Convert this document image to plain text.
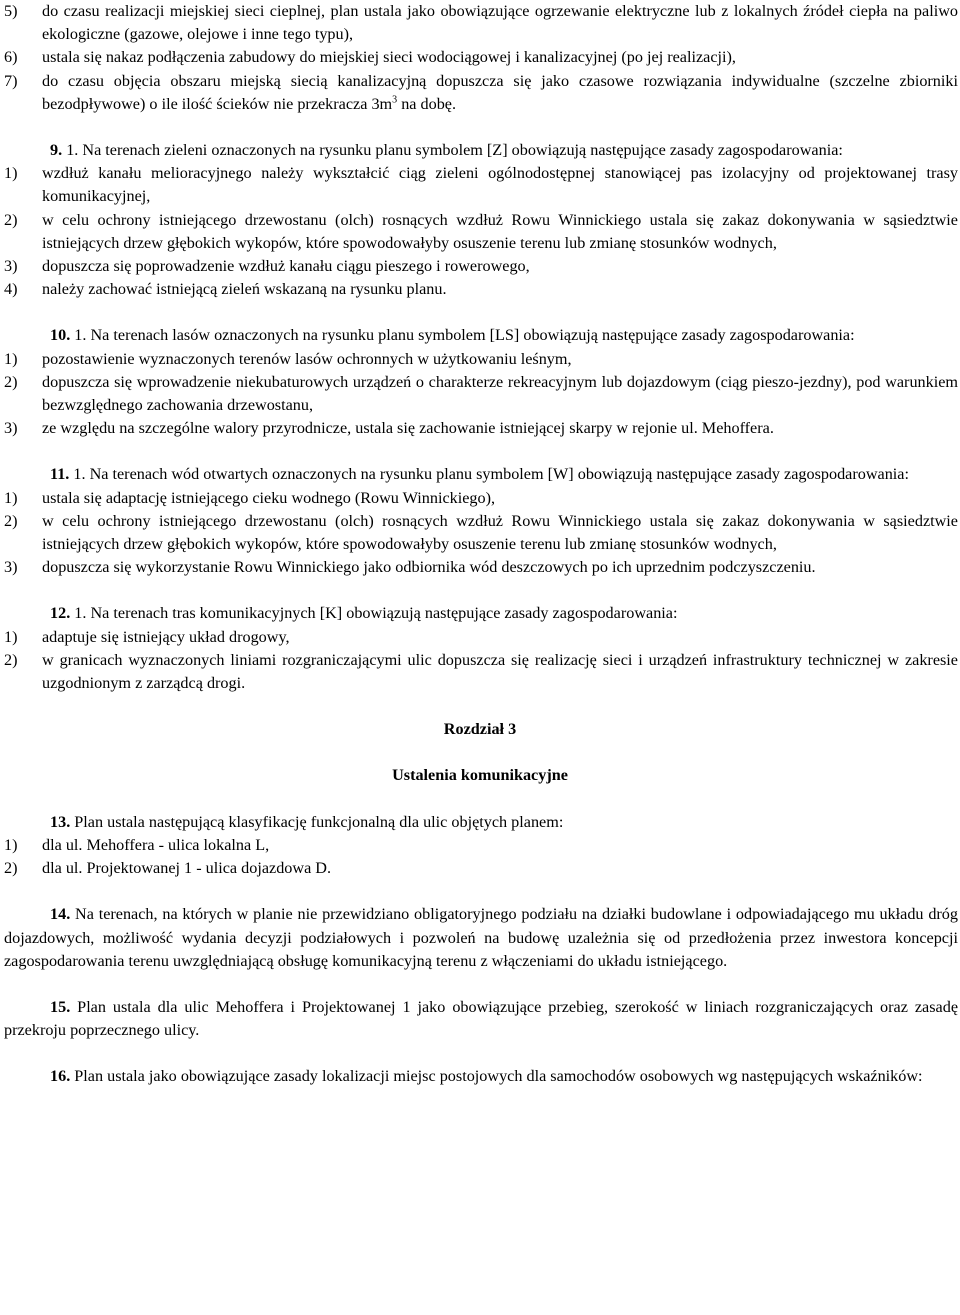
5)	do czasu realizacji miejskiej sieci cieplnej, plan ustala jako obowiązujące ogrzewanie elektryczne lub z lokalnych źródeł ciepła na paliwo ekologiczne (gazowe, olejowe i inne tego typu),
6)	ustala się nakaz podłączenia zabudowy do miejskiej sieci wodociągowej i kanalizacyjnej (po jej realizacji),
7)	do czasu objęcia obszaru miejską siecią kanalizacyjną dopuszcza się jako czasowe rozwiązania indywidualne (szczelne zbiorniki bezodpływowe) o ile ilość ścieków nie przekracza $3m^3$ na dobę.
9. 1. Na terenach zieleni oznaczonych na rysunku planu symbolem [Z] obowiązują następujące zasady zagospodarowania:
1)	wzdłuż kanału melioracyjnego należy wykształcić ciąg zieleni ogólnodostępnej stanowiącej pas izolacyjny od projektowanej trasy komunikacyjnej,
2)	w celu ochrony istniejącego drzewostanu (olch) rosnących wzdłuż Rowu Winnickiego ustala się zakaz dokonywania w sąsiedztwie istniejących drzew głębokich wykopów, które spowodowałyby osuszenie terenu lub zmianę stosunków wodnych,
3)	dopuszcza się poprowadzenie wzdłuż kanału ciągu pieszego i rowerowego,
4)	należy zachować istniejącą zieleń wskazaną na rysunku planu.
10. 1. Na terenach lasów oznaczonych na rysunku planu symbolem [LS] obowiązują następujące zasady zagospodarowania:
1)	pozostawienie wyznaczonych terenów lasów ochronnych w użytkowaniu leśnym,
2)	dopuszcza się wprowadzenie niekubaturowych urządzeń o charakterze rekreacyjnym lub dojazdowym (ciąg pieszo-jezdny), pod warunkiem bezwzględnego zachowania drzewostanu,
3)	ze względu na szczególne walory przyrodnicze, ustala się zachowanie istniejącej skarpy w rejonie ul. Mehoffera.
11. 1. Na terenach wód otwartych oznaczonych na rysunku planu symbolem [W] obowiązują następujące zasady zagospodarowania:
1)	ustala się adaptację istniejącego cieku wodnego (Rowu Winnickiego),
2)	w celu ochrony istniejącego drzewostanu (olch) rosnących wzdłuż Rowu Winnickiego ustala się zakaz dokonywania w sąsiedztwie istniejących drzew głębokich wykopów, które spowodowałyby osuszenie terenu lub zmianę stosunków wodnych,
3)	dopuszcza się wykorzystanie Rowu Winnickiego jako odbiornika wód deszczowych po ich uprzednim podczyszczeniu.
12. 1. Na terenach tras komunikacyjnych [K] obowiązują następujące zasady zagospodarowania:
1)	adaptuje się istniejący układ drogowy,
2)	w granicach wyznaczonych liniami rozgraniczającymi ulic dopuszcza się realizację sieci i urządzeń infrastruktury technicznej w zakresie uzgodnionym z zarządcą drogi.
Rozdział 3
Ustalenia komunikacyjne
13. Plan ustala następującą klasyfikację funkcjonalną dla ulic objętych planem:
1)	dla ul. Mehoffera - ulica lokalna L,
2)	dla ul. Projektowanej 1 - ulica dojazdowa D.
14. Na terenach, na których w planie nie przewidziano obligatoryjnego podziału na działki budowlane i odpowiadającego mu układu dróg dojazdowych, możliwość wydania decyzji podziałowych i pozwoleń na budowę uzależnia się od przedłożenia przez inwestora koncepcji zagospodarowania terenu uwzględniającą obsługę komunikacyjną terenu z włączeniami do układu istniejącego.
15. Plan ustala dla ulic Mehoffera i Projektowanej 1 jako obowiązujące przebieg, szerokość w liniach rozgraniczających oraz zasadę przekroju poprzecznego ulicy.
16. Plan ustala jako obowiązujące zasady lokalizacji miejsc postojowych dla samochodów osobowych wg następujących wskaźników:
